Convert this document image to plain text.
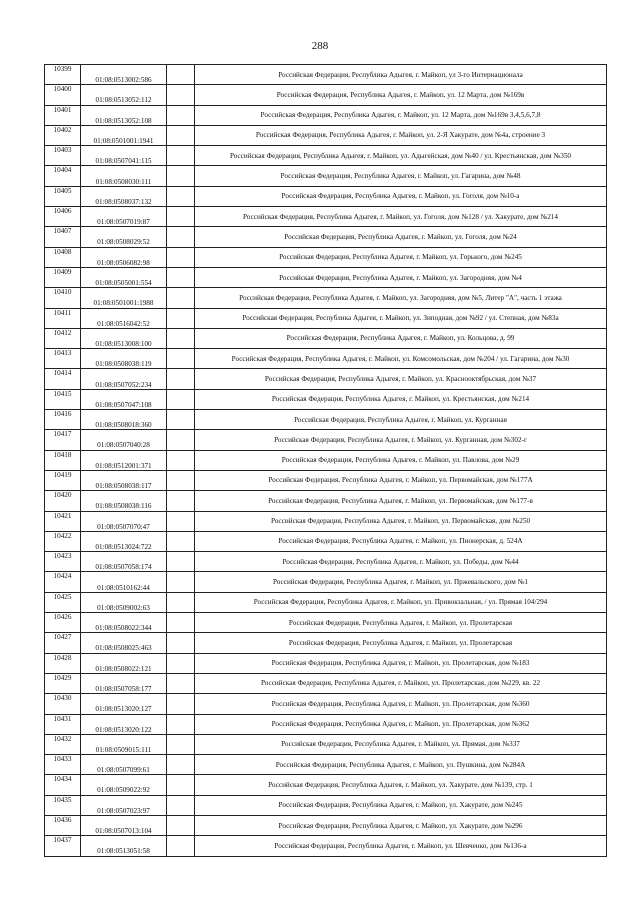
288
10399	01:08:0513002:586		Российская Федерация, Республика Адыгея, г. Майкоп, ул 3-го Интернационала
10400	01:08:0513052:112		Российская Федерация, Республика Адыгея, г. Майкоп, ул. 12 Марта, дом №169в
10401	01:08:0513052:108		Российская Федерация, Республика Адыгея, г. Майкоп, ул. 12 Марта, дом №169в 3,4,5,6,7,8
10402	01:08:0501001:1941		Российская Федерация, Республика Адыгея, г. Майкоп, ул. 2-Я Хакурате, дом №4а, строение 3
10403	01:08:0507041:115		Российская Федерация, Республика Адыгея, г. Майкоп, ул. Адыгейская, дом №40 / ул. Крестьянская, дом №350
10404	01:08:0508030:111		Российская Федерация, Республика Адыгея, г. Майкоп, ул. Гагарина, дом №48
10405	01:08:0508037:132		Российская Федерация, Республика Адыгея, г. Майкоп, ул. Гоголя, дом №10-а
10406	01:08:0507019:87		Российская Федерация, Республика Адыгея, г. Майкоп, ул. Гоголя, дом №128 / ул. Хакурате, дом №214
10407	01:08:0508029:52		Российская Федерация, Республика Адыгея, г. Майкоп, ул. Гоголя, дом №24
10408	01:08:0506082:98		Российская Федерация, Республика Адыгея, г. Майкоп, ул. Горького, дом №245
10409	01:08:0505001:554		Российская Федерация, Республика Адыгея, г. Майкоп, ул. Загородняя, дом №4
10410	01:08:0501001:1988		Российская Федерация, Республика Адыгея, г. Майкоп, ул. Загородняя, дом №5, Литер "А", часть 1 этажа
10411	01:08:0516042:52		Российская Федерация, Республика Адыгея, г. Майкоп, ул. Зиподная, дом №92 / ул. Степная, дом №83а
10412	01:08:0513008:100		Российская Федерация, Республика Адыгея, г. Майкоп, ул. Кольцова, д. 99
10413	01:08:0508038:119		Российская Федерация, Республика Адыгея, г. Майкоп, ул. Комсомольская, дом №204 / ул. Гагарина, дом №30
10414	01:08:0507052:234		Российская Федерация, Республика Адыгея, г. Майкоп, ул. Краснооктябрьская, дом №37
10415	01:08:0507047:108		Российская Федерация, Республика Адыгея, г. Майкоп, ул. Крестьянская, дом №214
10416	01:08:0508018:360		Российская Федерация, Республика Адыгея, г. Майкоп, ул. Курганная
10417	01:08:0507040:28		Российская Федерация, Республика Адыгея, г. Майкоп, ул. Курганная, дом №302-г
10418	01:08:0512001:371		Российская Федерация, Республика Адыгея, г. Майкоп, ул. Павлова, дом №29
10419	01:08:0508038:117		Российская Федерация, Республика Адыгея, г. Майкоп, ул. Первомайская, дом №177А
10420	01:08:0508038:116		Российская Федерация, Республика Адыгея, г. Майкоп, ул. Первомайская, дом №177-в
10421	01:08:0507070:47		Российская Федерация, Республика Адыгея, г. Майкоп, ул. Первомайская, дом №250
10422	01:08:0513024:722		Российская Федерация, Республика Адыгея, г. Майкоп, ул. Пионерская, д. 524А
10423	01:08:0507058:174		Российская Федерация, Республика Адыгея, г. Майкоп, ул. Победы, дом №44
10424	01:08:0510162:44		Российская Федерация, Республика Адыгея, г. Майкоп, ул. Пржевальского, дом №1
10425	01:08:0509002:63		Российская Федерация, Республика Адыгея, г. Майкоп, ул. Привокзальная, / ул. Прямая 104/294
10426	01:08:0508022:344		Российская Федерация, Республика Адыгея, г. Майкоп, ул. Пролетарская
10427	01:08:0508025:463		Российская Федерация, Республика Адыгея, г. Майкоп, ул. Пролетарская
10428	01:08:0508022:121		Российская Федерация, Республика Адыгея, г. Майкоп, ул. Пролетарская, дом №183
10429	01:08:0507058:177		Российская Федерация, Республика Адыгея, г. Майкоп, ул. Пролетарская, дом №229, кв. 22
10430	01:08:0513020:127		Российская Федерация, Республика Адыгея, г. Майкоп, ул. Пролетарская, дом №360
10431	01:08:0513020:122		Российская Федерация, Республика Адыгея, г. Майкоп, ул. Пролетарская, дом №362
10432	01:08:0509015:111		Российская Федерация, Республика Адыгея, г. Майкоп, ул. Прямая, дом №337
10433	01:08:0507099:61		Российская Федерация, Республика Адыгея, г. Майкоп, ул. Пушкина, дом №284А
10434	01:08:0509022:92		Российская Федерация, Республика Адыгея, г. Майкоп, ул. Хакурате, дом №139, стр. 1
10435	01:08:0507023:97		Российская Федерация, Республика Адыгея, г. Майкоп, ул. Хакурате, дом №245
10436	01:08:0507013:104		Российская Федерация, Республика Адыгея, г. Майкоп, ул. Хакурате, дом №296
10437	01:08:0513051:58		Российская Федерация, Республика Адыгея, г. Майкоп, ул. Шевченко, дом №136-а
